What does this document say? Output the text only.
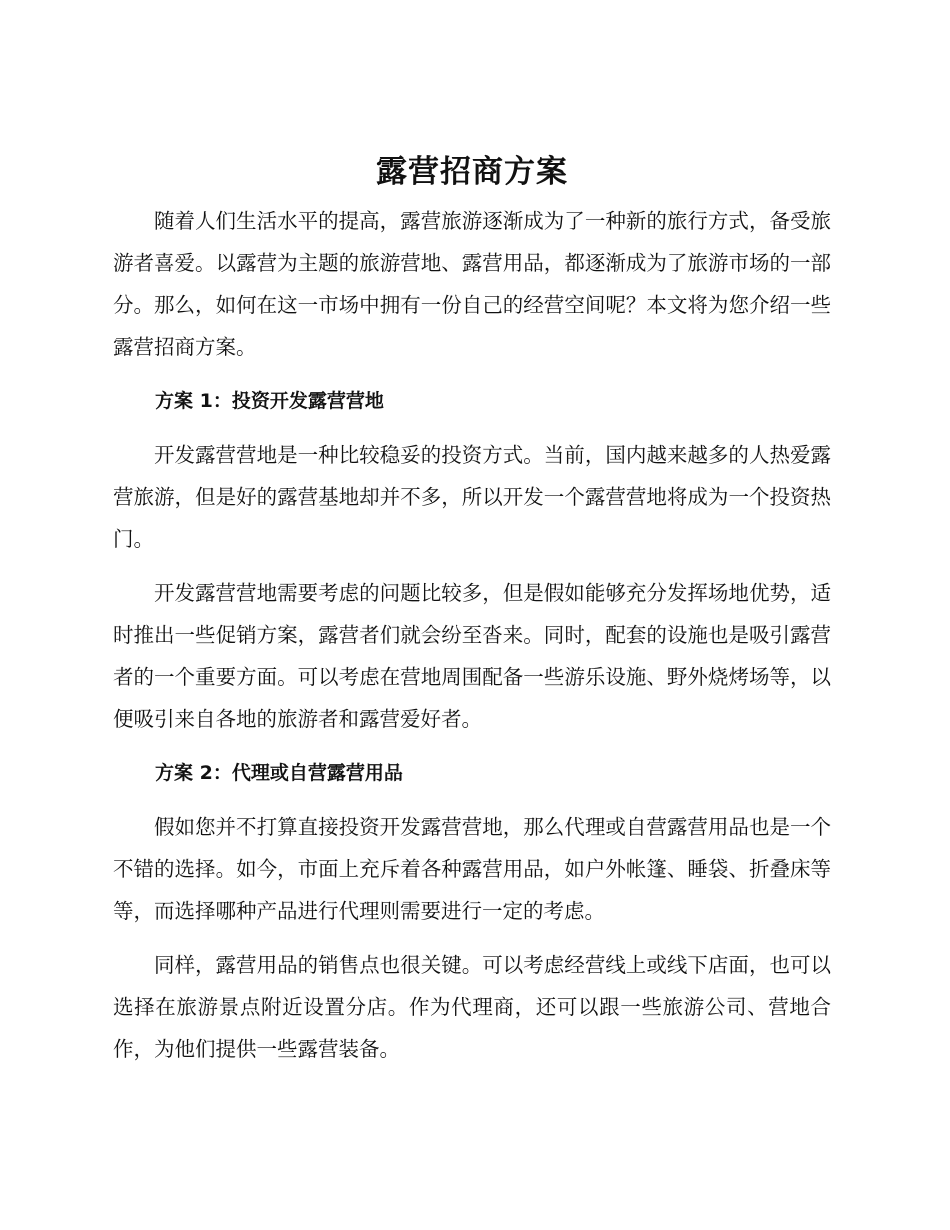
露营招商方案

随着人们生活水平的提高，露营旅游逐渐成为了一种新的旅行方式，备受旅游者喜爱。以露营为主题的旅游营地、露营用品，都逐渐成为了旅游市场的一部分。那么，如何在这一市场中拥有一份自己的经营空间呢？本文将为您介绍一些露营招商方案。

方案 1：投资开发露营营地

开发露营营地是一种比较稳妥的投资方式。当前，国内越来越多的人热爱露营旅游，但是好的露营基地却并不多，所以开发一个露营营地将成为一个投资热门。

开发露营营地需要考虑的问题比较多，但是假如能够充分发挥场地优势，适时推出一些促销方案，露营者们就会纷至沓来。同时，配套的设施也是吸引露营者的一个重要方面。可以考虑在营地周围配备一些游乐设施、野外烧烤场等，以便吸引来自各地的旅游者和露营爱好者。

方案 2：代理或自营露营用品

假如您并不打算直接投资开发露营营地，那么代理或自营露营用品也是一个不错的选择。如今，市面上充斥着各种露营用品，如户外帐篷、睡袋、折叠床等等，而选择哪种产品进行代理则需要进行一定的考虑。

同样，露营用品的销售点也很关键。可以考虑经营线上或线下店面，也可以选择在旅游景点附近设置分店。作为代理商，还可以跟一些旅游公司、营地合作，为他们提供一些露营装备。
